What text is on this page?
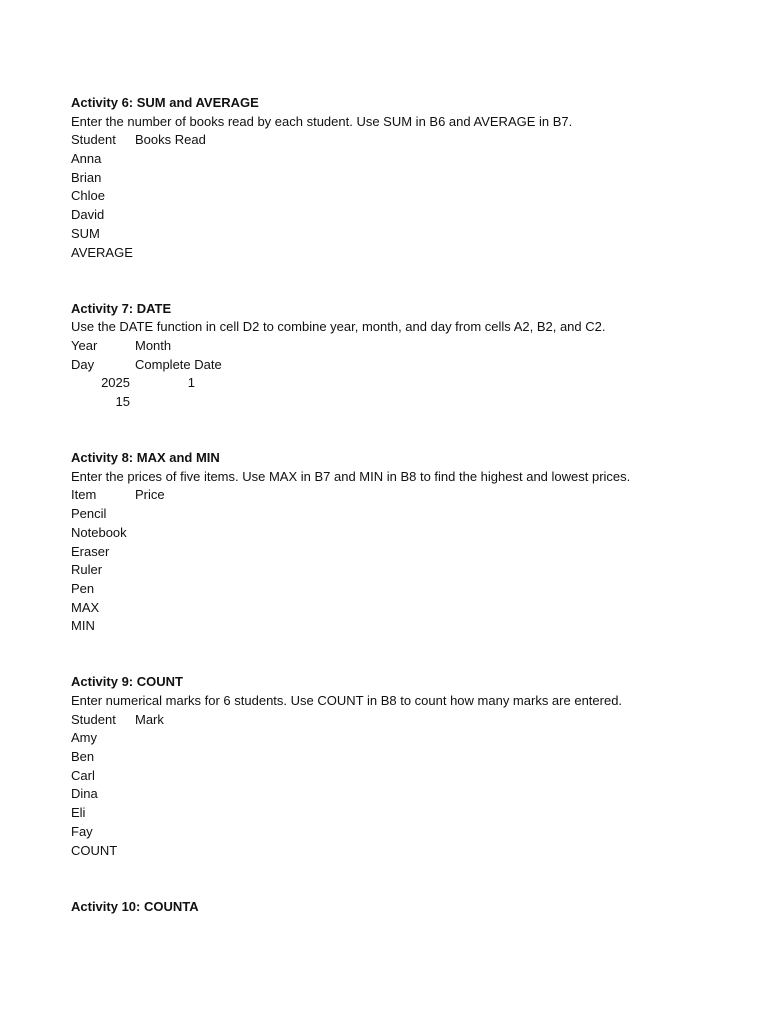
Activity 6: SUM and AVERAGE
Enter the number of books read by each student. Use SUM in B6 and AVERAGE in B7.
Student Books Read
Anna
Brian
Chloe
David
SUM
AVERAGE
Activity 7: DATE
Use the DATE function in cell D2 to combine year, month, and day from cells A2, B2, and C2.
Year	Month
Day	Complete Date
2025	1
15
Activity 8: MAX and MIN
Enter the prices of five items. Use MAX in B7 and MIN in B8 to find the highest and lowest prices.
Item	Price
Pencil
Notebook
Eraser
Ruler
Pen
MAX
MIN
Activity 9: COUNT
Enter numerical marks for 6 students. Use COUNT in B8 to count how many marks are entered.
Student Mark
Amy
Ben
Carl
Dina
Eli
Fay
COUNT
Activity 10: COUNTA
